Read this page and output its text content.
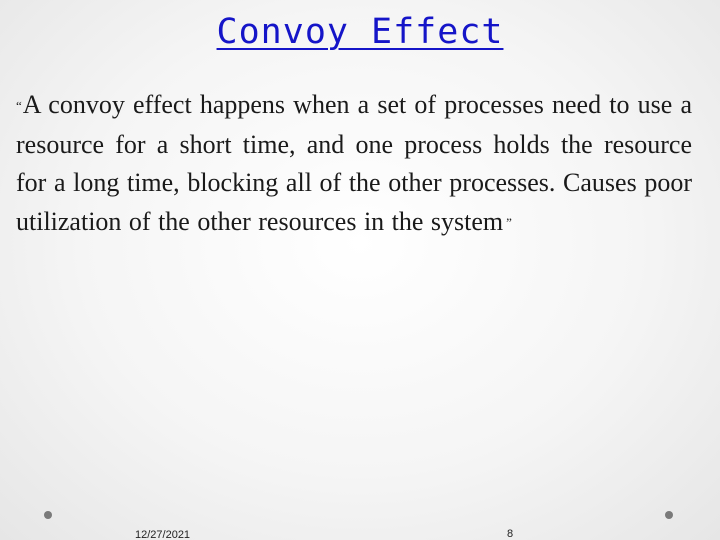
Convoy Effect
“A convoy effect happens when a set of processes need to use a resource for a short time, and one process holds the resource for a long time, blocking all of the other processes. Causes poor utilization of the other resources in the system ”
12/27/2021	8
